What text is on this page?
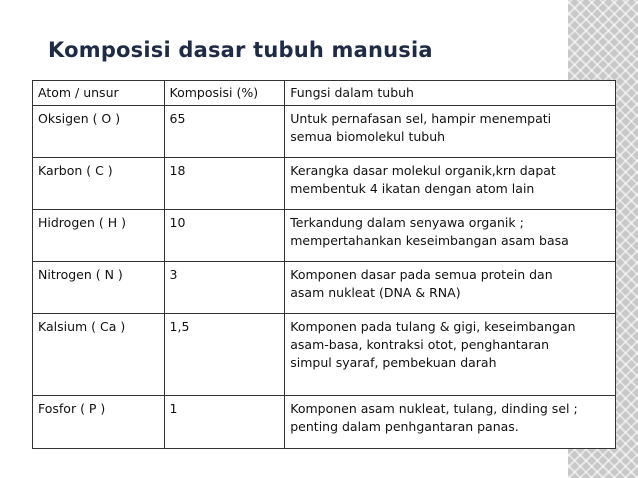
Komposisi dasar tubuh manusia
Atom / unsur	Komposisi (%)	Fungsi dalam tubuh
Oksigen ( O )	65	Untuk pernafasan sel, hampir menempati
semua biomolekul tubuh

Karbon ( C )	18	Kerangka dasar molekul organik,krn dapat
membentuk 4 ikatan dengan atom lain

Hidrogen ( H )	10	Terkandung dalam senyawa organik ;
mempertahankan keseimbangan asam basa

Nitrogen ( N )	3	Komponen dasar pada semua protein dan
asam nukleat (DNA & RNA)

Kalsium ( Ca )	1,5	Komponen pada tulang & gigi, keseimbangan
asam-basa, kontraksi otot, penghantaran
simpul syaraf, pembekuan darah

Fosfor ( P )	1	Komponen asam nukleat, tulang, dinding sel ;
penting dalam penhgantaran panas.
